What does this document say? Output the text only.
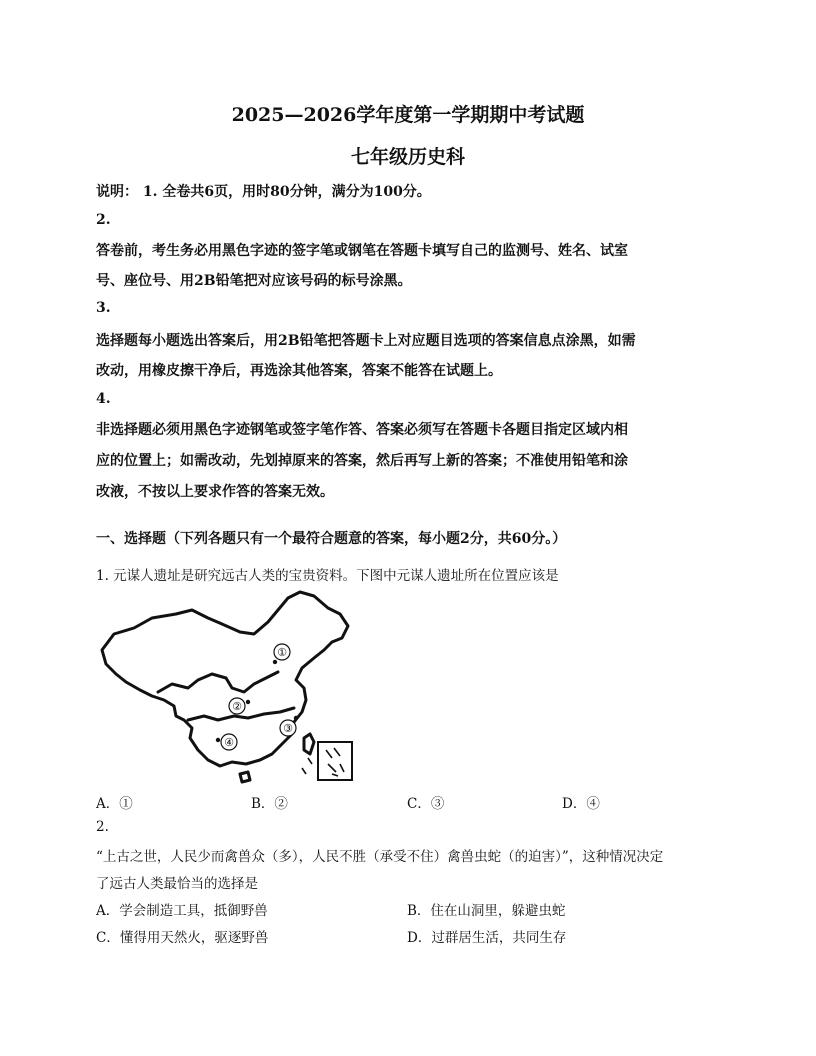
2025—2026学年度第一学期期中考试题
七年级历史科
说明： 1. 全卷共6页，用时80分钟，满分为100分。
2.
答卷前，考生务必用黑色字迹的签字笔或钢笔在答题卡填写自己的监测号、姓名、试室
号、座位号、用2B铅笔把对应该号码的标号涂黑。
3.
选择题每小题选出答案后，用2B铅笔把答题卡上对应题目选项的答案信息点涂黑，如需
改动，用橡皮擦干净后，再选涂其他答案，答案不能答在试题上。
4.
非选择题必须用黑色字迹钢笔或签字笔作答、答案必须写在答题卡各题目指定区域内相
应的位置上；如需改动，先划掉原来的答案，然后再写上新的答案；不准使用铅笔和涂
改液，不按以上要求作答的答案无效。
一、选择题（下列各题只有一个最符合题意的答案，每小题2分，共60分。）
1. 元谋人遗址是研究远古人类的宝贵资料。下图中元谋人遗址所在位置应该是
①
②
③
④
A．①	B．②	C．③	D．④
2.
“上古之世，人民少而禽兽众（多），人民不胜（承受不住）禽兽虫蛇（的迫害）”，这种情况决定
了远古人类最恰当的选择是
A．学会制造工具，抵御野兽	B．住在山洞里，躲避虫蛇
C．懂得用天然火，驱逐野兽	D．过群居生活，共同生存
